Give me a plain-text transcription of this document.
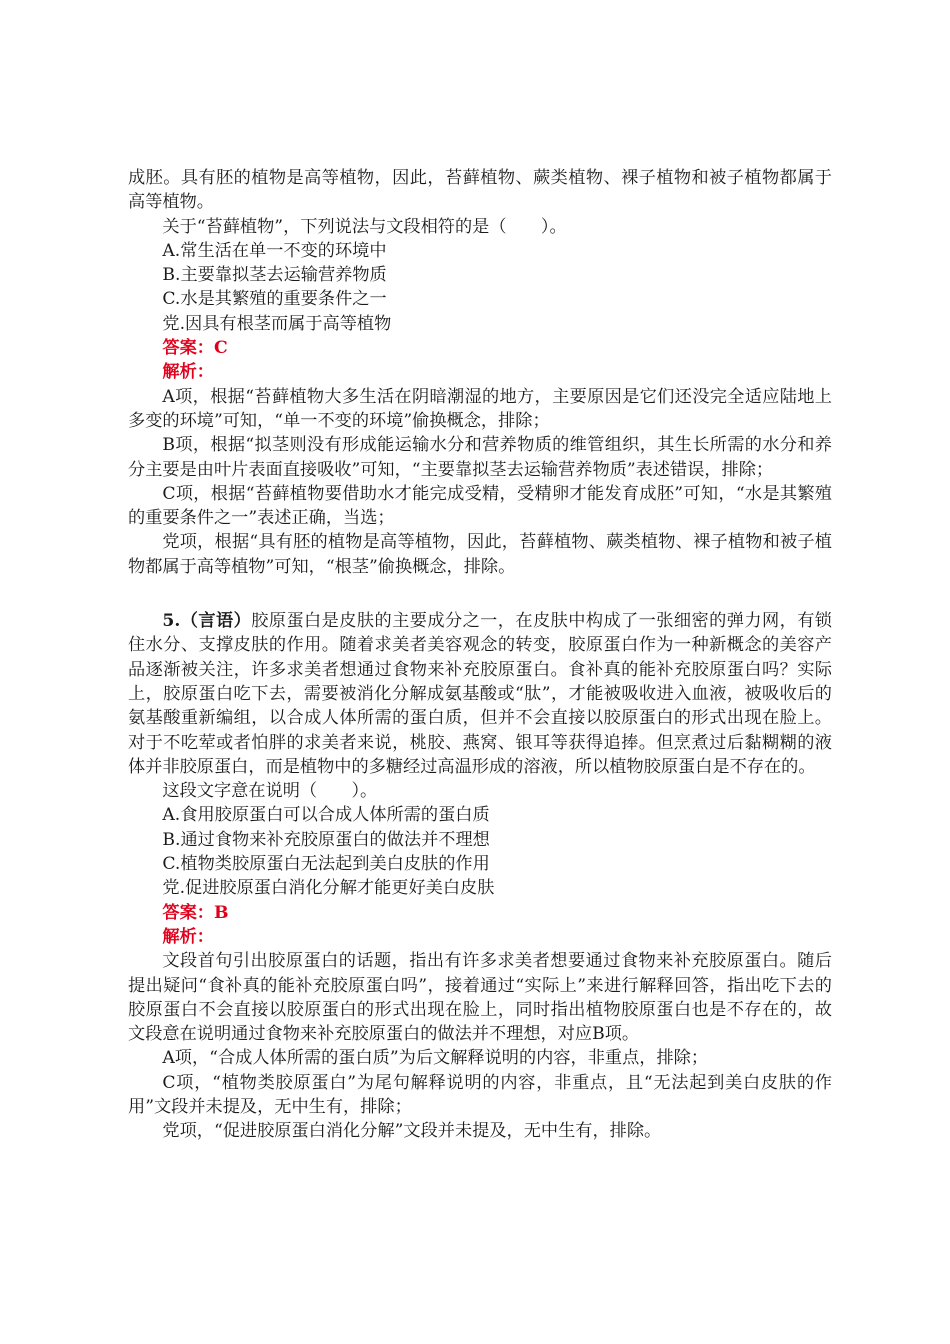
成胚。具有胚的植物是高等植物，因此，苔藓植物、蕨类植物、裸子植物和被子植物都属于高等植物。

关于“苔藓植物”，下列说法与文段相符的是（　　）。

A.常生活在单一不变的环境中

B.主要靠拟茎去运输营养物质

C.水是其繁殖的重要条件之一

党.因具有根茎而属于高等植物

答案：C

解析：

A项，根据“苔藓植物大多生活在阴暗潮湿的地方，主要原因是它们还没完全适应陆地上多变的环境”可知，“单一不变的环境”偷换概念，排除；

B项，根据“拟茎则没有形成能运输水分和营养物质的维管组织，其生长所需的水分和养分主要是由叶片表面直接吸收”可知，“主要靠拟茎去运输营养物质”表述错误，排除；

C项，根据“苔藓植物要借助水才能完成受精，受精卵才能发育成胚”可知，“水是其繁殖的重要条件之一”表述正确，当选；

党项，根据“具有胚的植物是高等植物，因此，苔藓植物、蕨类植物、裸子植物和被子植物都属于高等植物”可知，“根茎”偷换概念，排除。

5.（言语）胶原蛋白是皮肤的主要成分之一，在皮肤中构成了一张细密的弹力网，有锁住水分、支撑皮肤的作用。随着求美者美容观念的转变，胶原蛋白作为一种新概念的美容产品逐渐被关注，许多求美者想通过食物来补充胶原蛋白。食补真的能补充胶原蛋白吗？实际上，胶原蛋白吃下去，需要被消化分解成氨基酸或“肽”，才能被吸收进入血液，被吸收后的氨基酸重新编组，以合成人体所需的蛋白质，但并不会直接以胶原蛋白的形式出现在脸上。对于不吃荤或者怕胖的求美者来说，桃胶、燕窝、银耳等获得追捧。但烹煮过后黏糊糊的液体并非胶原蛋白，而是植物中的多糖经过高温形成的溶液，所以植物胶原蛋白是不存在的。

这段文字意在说明（　　）。

A.食用胶原蛋白可以合成人体所需的蛋白质

B.通过食物来补充胶原蛋白的做法并不理想

C.植物类胶原蛋白无法起到美白皮肤的作用

党.促进胶原蛋白消化分解才能更好美白皮肤

答案：B

解析：

文段首句引出胶原蛋白的话题，指出有许多求美者想要通过食物来补充胶原蛋白。随后提出疑问“食补真的能补充胶原蛋白吗”，接着通过“实际上”来进行解释回答，指出吃下去的胶原蛋白不会直接以胶原蛋白的形式出现在脸上，同时指出植物胶原蛋白也是不存在的，故文段意在说明通过食物来补充胶原蛋白的做法并不理想，对应B项。

A项，“合成人体所需的蛋白质”为后文解释说明的内容，非重点，排除；

C项，“植物类胶原蛋白”为尾句解释说明的内容，非重点，且“无法起到美白皮肤的作用”文段并未提及，无中生有，排除；

党项，“促进胶原蛋白消化分解”文段并未提及，无中生有，排除。
